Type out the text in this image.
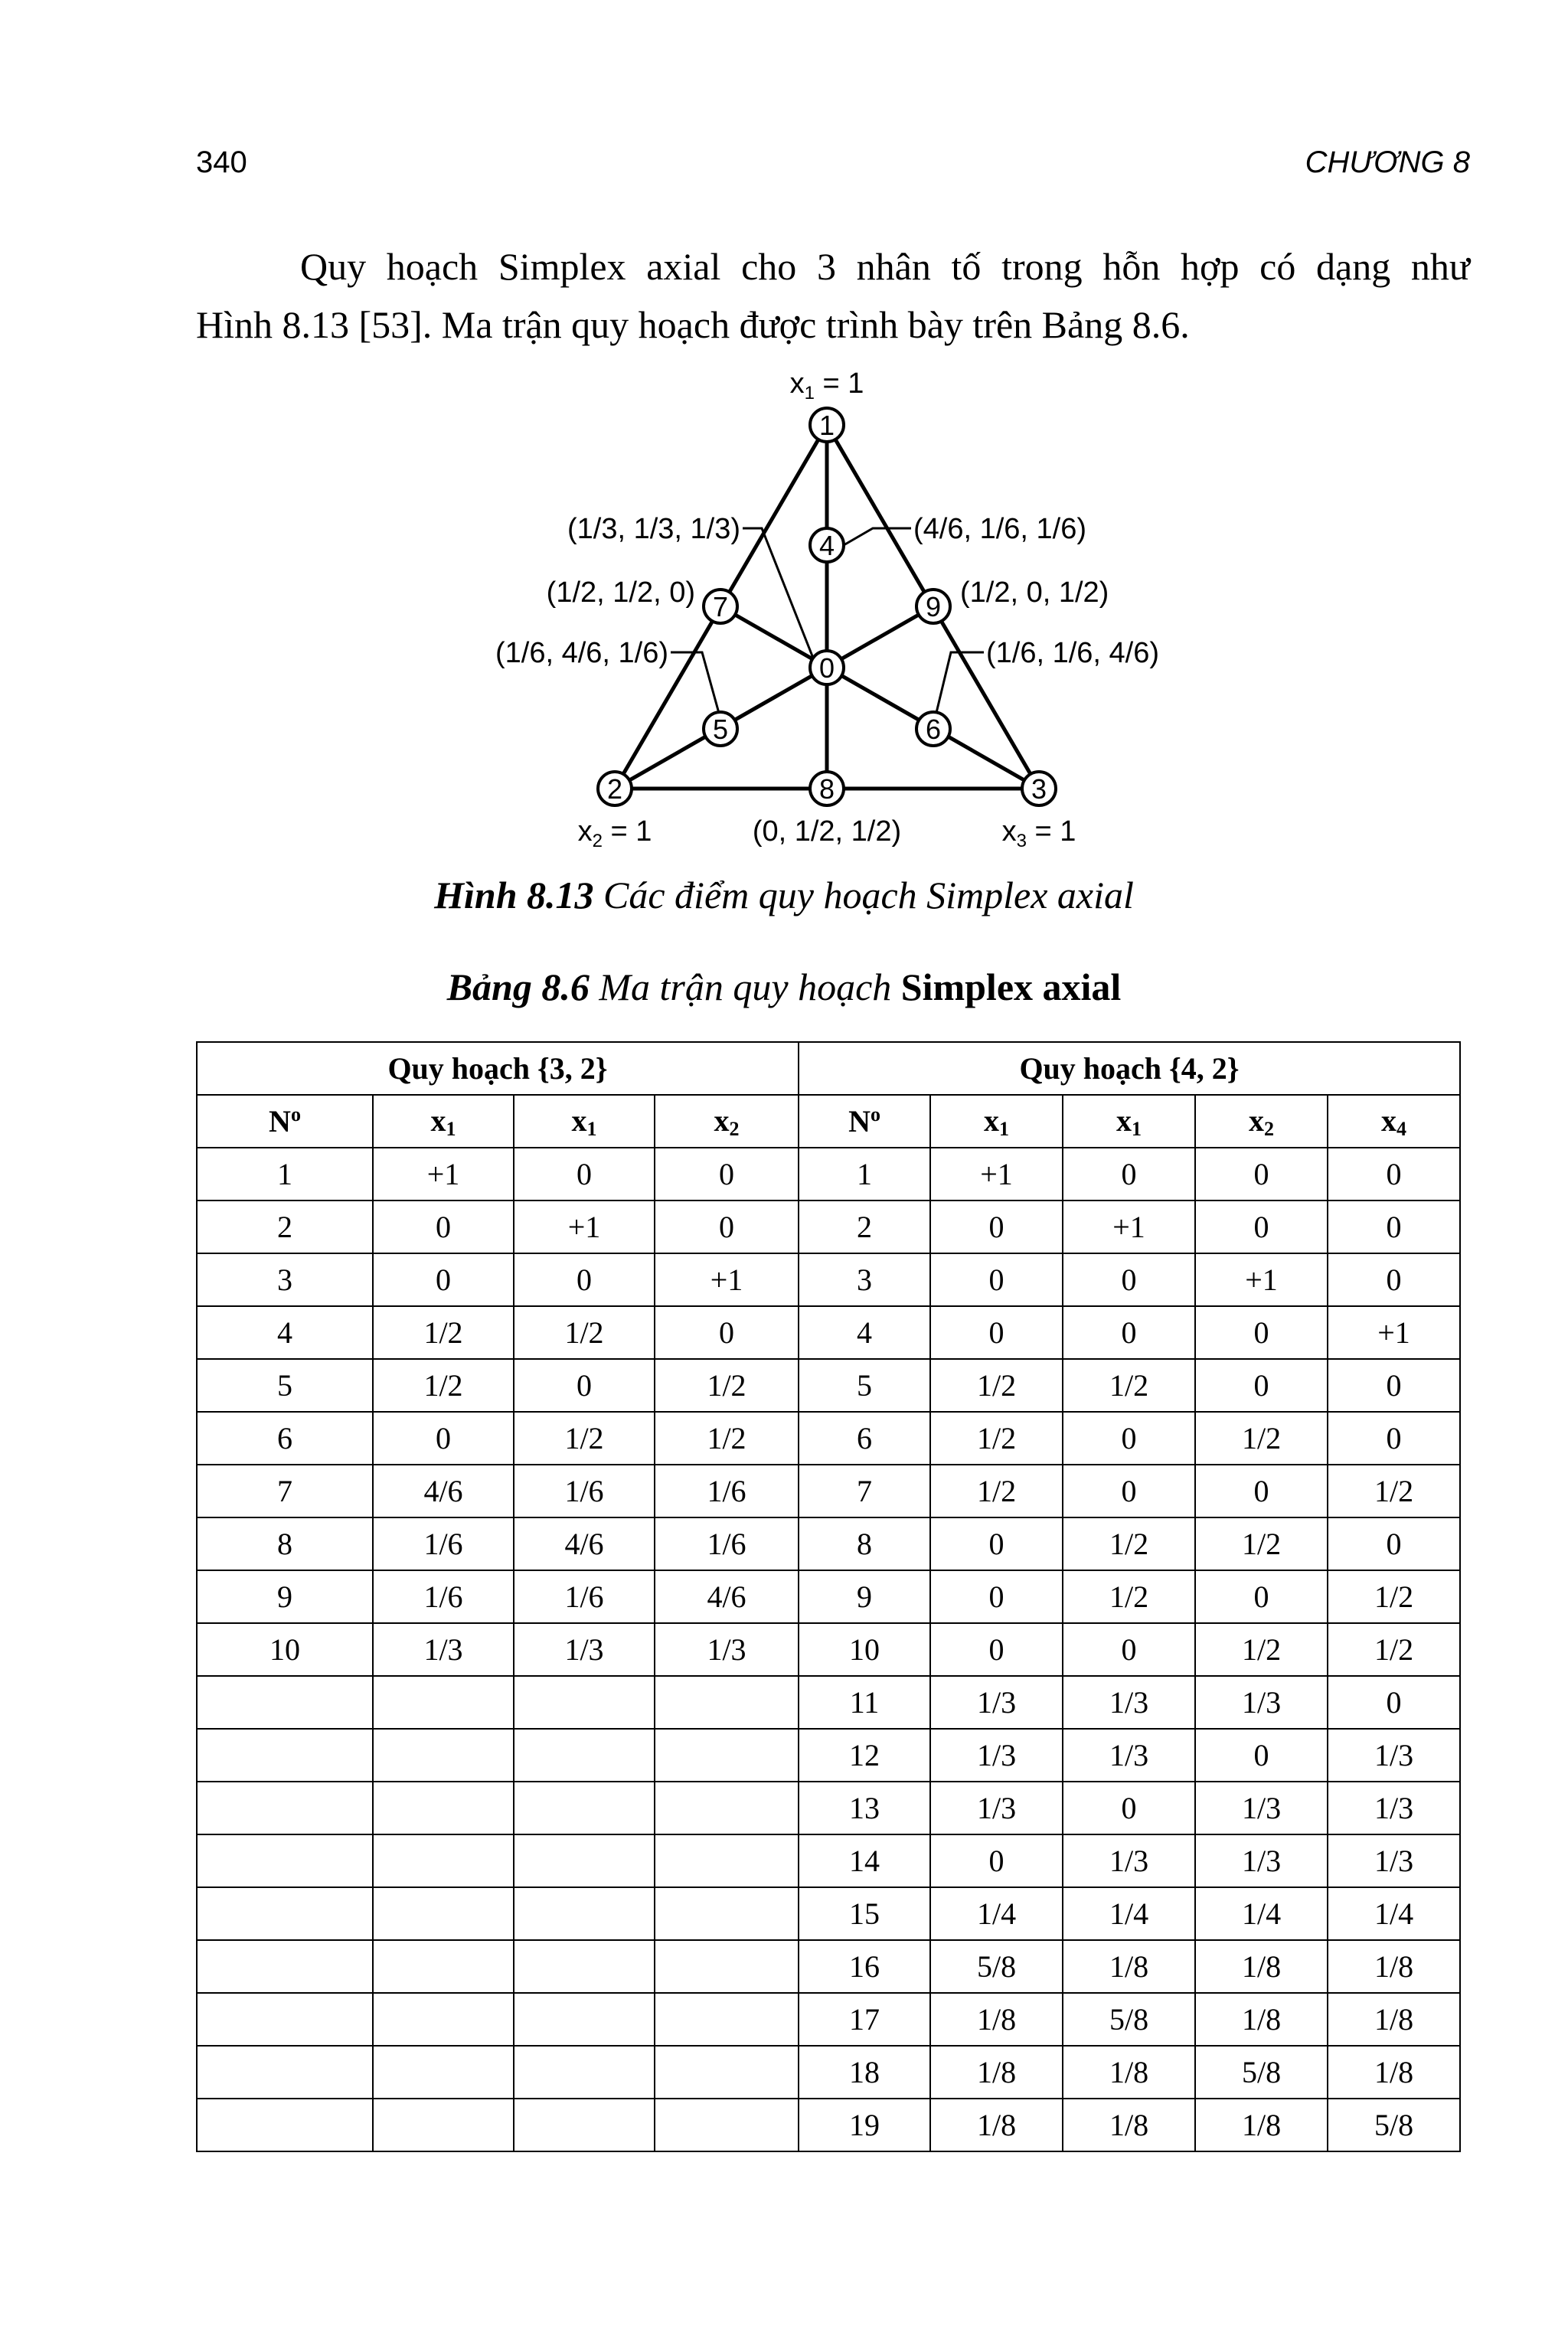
340	CHƯƠNG 8

Quy hoạch Simplex axial cho 3 nhân tố trong hỗn hợp có dạng như
Hình 8.13 [53]. Ma trận quy hoạch được trình bày trên Bảng 8.6.

1
2	3
4
5	6
7
8
9
0
$x_1 = 1$
$x_2 = 1$	$x_3 = 1$
(1/3, 1/3, 1/3)	(4/6, 1/6, 1/6)
(1/2, 1/2, 0)	(1/2, 0, 1/2)
(1/6, 4/6, 1/6)	(1/6, 1/6, 4/6)
(0, 1/2, 1/2)
Hình 8.13 Các điểm quy hoạch Simplex axial
Bảng 8.6 Ma trận quy hoạch Simplex axial
Quy hoạch {3, 2}				Quy hoạch {4, 2}				
$N^o$	$x_1$	$x_1$	$x_2$	$N^o$	$x_1$	$x_1$	$x_2$	$x_4$
1	+1	0	0	1	+1	0	0	0
2	0	+1	0	2	0	+1	0	0
3	0	0	+1	3	0	0	+1	0
4	1/2	1/2	0	4	0	0	0	+1
5	1/2	0	1/2	5	1/2	1/2	0	0
6	0	1/2	1/2	6	1/2	0	1/2	0
7	4/6	1/6	1/6	7	1/2	0	0	1/2
8	1/6	4/6	1/6	8	0	1/2	1/2	0
9	1/6	1/6	4/6	9	0	1/2	0	1/2
10	1/3	1/3	1/3	10	0	0	1/2	1/2
				11	1/3	1/3	1/3	0
				12	1/3	1/3	0	1/3
				13	1/3	0	1/3	1/3
				14	0	1/3	1/3	1/3
				15	1/4	1/4	1/4	1/4
				16	5/8	1/8	1/8	1/8
				17	1/8	5/8	1/8	1/8
				18	1/8	1/8	5/8	1/8
				19	1/8	1/8	1/8	5/8
